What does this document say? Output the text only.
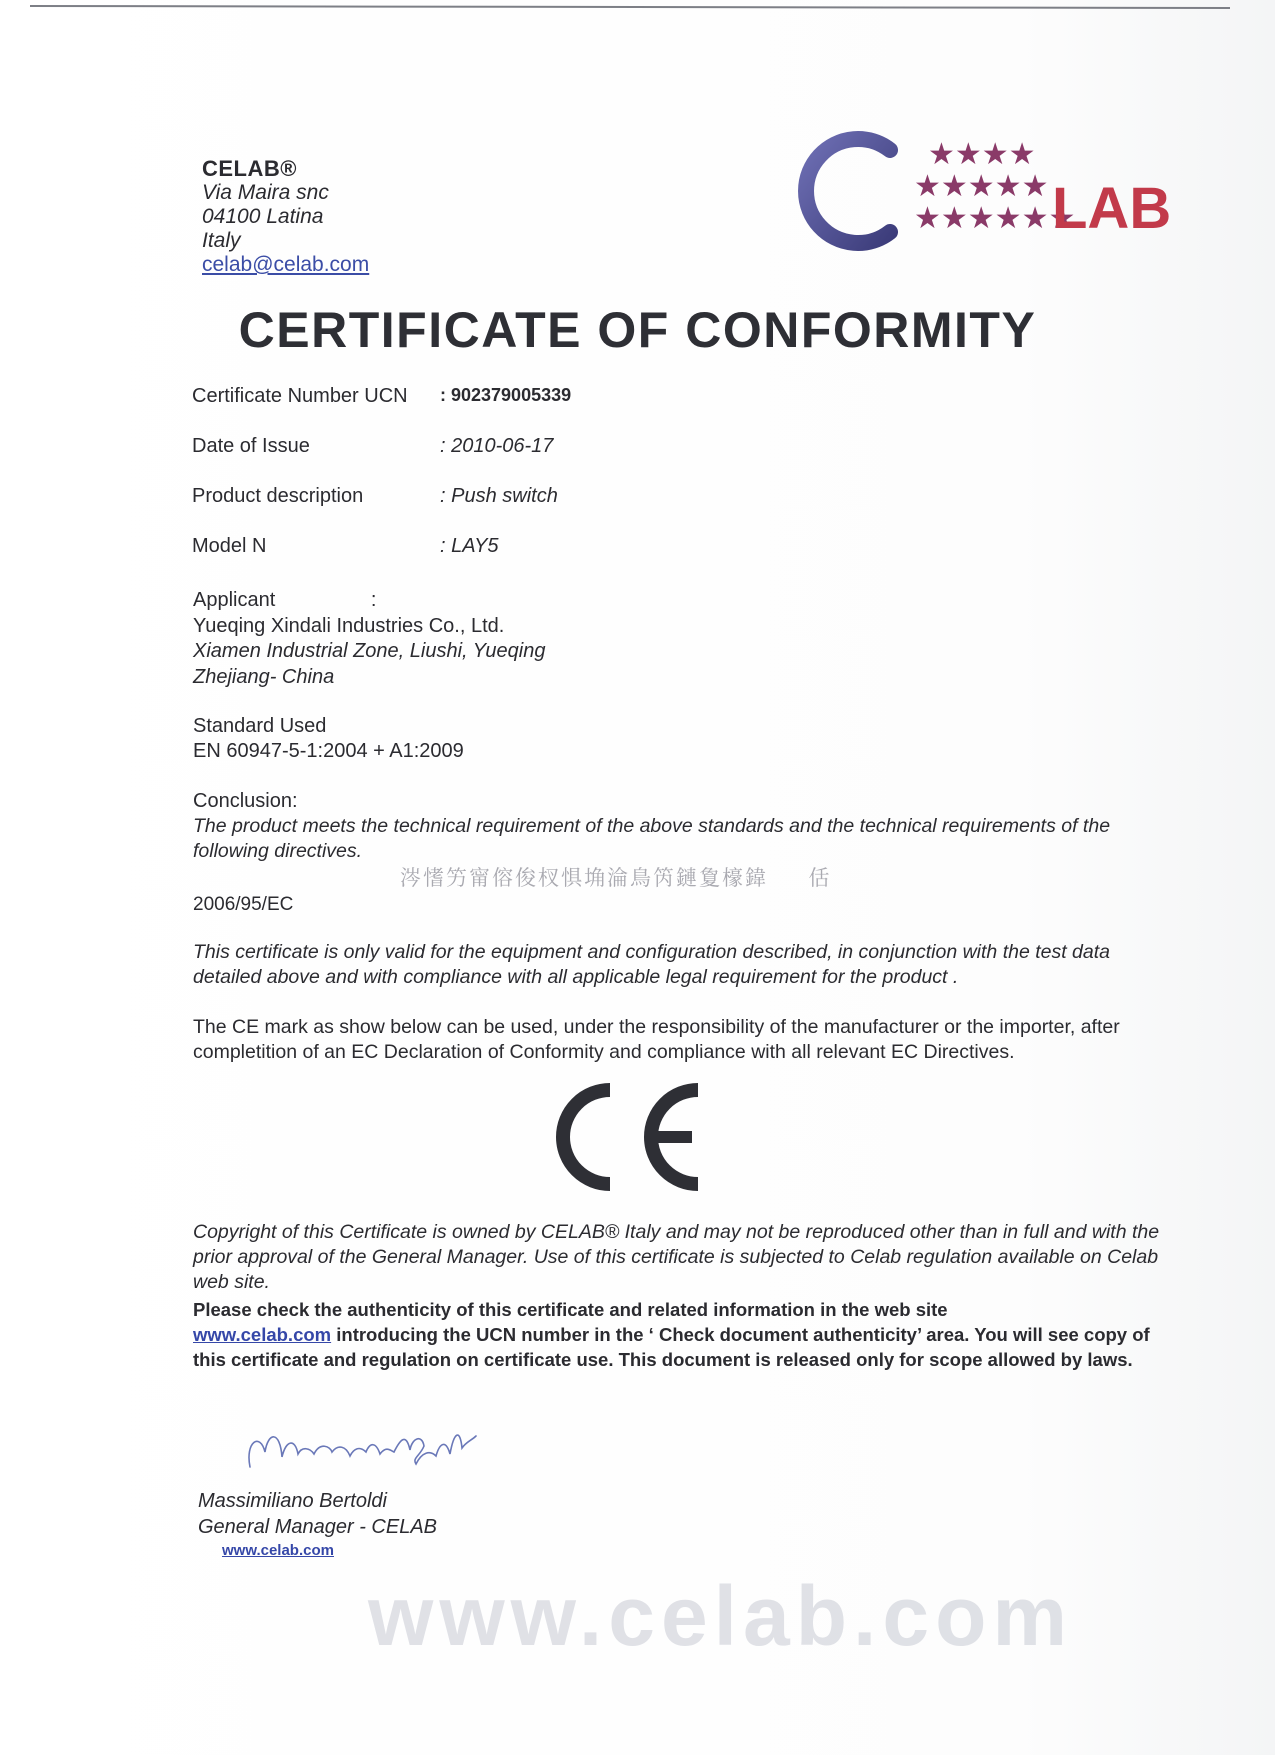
CELAB®
Via Maira snc
04100 Latina
Italy
celab@celab.com
★★★★
★★★★★
★★★★★★
LAB
CERTIFICATE OF CONFORMITY
Certificate Number UCN : 902379005339
Date of Issue	: 2010-06-17
Product description	: Push switch
Model N	: LAY5

Applicant	:

Yueqing Xindali Industries Co., Ltd.

Xiamen Industrial Zone, Liushi, Yueqing

Zhejiang- China

Standard Used

EN 60947-5-1:2004 + A1:2009

Conclusion:

The product meets the technical requirement of the above standards and the technical requirements of the following directives.

涔愭竻甯傛俊杈惧埆淪鳥笍鏈夐檺鍏 　 佸
2006/95/EC
This certificate is only valid for the equipment and configuration described, in conjunction with the test data detailed above and with compliance with all applicable legal requirement for the product .
The CE mark as show below can be used, under the responsibility of the manufacturer or the importer, after completition of an EC Declaration of Conformity and compliance with all relevant EC Directives.
Copyright of this Certificate is owned by CELAB® Italy and may not be reproduced other than in full and with the prior approval of the General Manager. Use of this certificate is subjected to Celab regulation available on Celab web site.

Please check the authenticity of this certificate and related information in the web site

www.celab.com introducing the UCN number in the ‘ Check document authenticity’ area. You will see copy of this certificate and regulation on certificate use. This document is released only for scope allowed by laws.

Massimiliano Bertoldi
General Manager - CELAB
www.celab.com
www.celab.com
